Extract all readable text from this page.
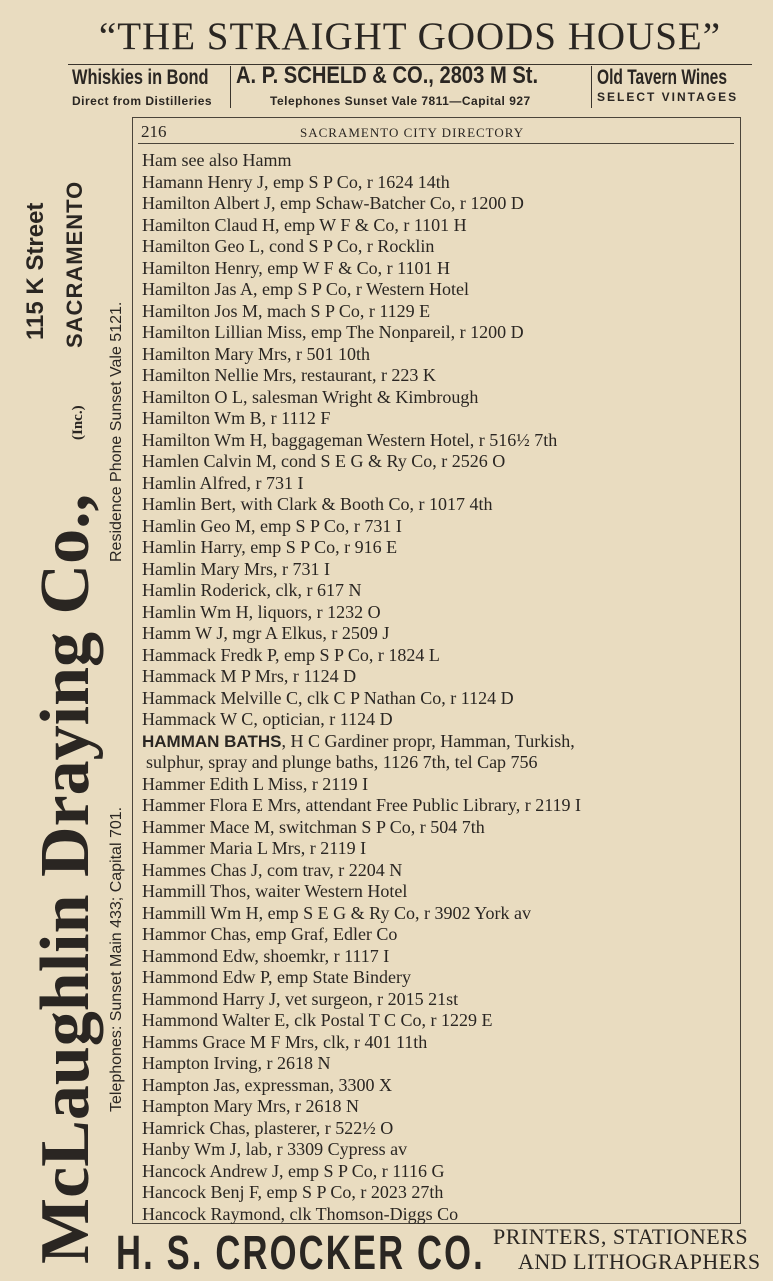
“THE STRAIGHT GOODS HOUSE”
Whiskies in Bond
Direct from Distilleries
A. P. SCHELD & CO., 2803 M St.
Telephones Sunset Vale 7811—Capital 927
Old Tavern Wines
SELECT VINTAGES
McLaughlin Draying Co.,
(Inc.)
115 K Street SACRAMENTO
Residence Phone Sunset Vale 5121.
Telephones: Sunset Main 433; Capital 701.
216	SACRAMENTO CITY DIRECTORY
Ham see also Hamm
Hamann Henry J, emp S P Co, r 1624 14th
Hamilton Albert J, emp Schaw-Batcher Co, r 1200 D
Hamilton Claud H, emp W F & Co, r 1101 H
Hamilton Geo L, cond S P Co, r Rocklin
Hamilton Henry, emp W F & Co, r 1101 H
Hamilton Jas A, emp S P Co, r Western Hotel
Hamilton Jos M, mach S P Co, r 1129 E
Hamilton Lillian Miss, emp The Nonpareil, r 1200 D
Hamilton Mary Mrs, r 501 10th
Hamilton Nellie Mrs, restaurant, r 223 K
Hamilton O L, salesman Wright & Kimbrough
Hamilton Wm B, r 1112 F
Hamilton Wm H, baggageman Western Hotel, r 516½ 7th
Hamlen Calvin M, cond S E G & Ry Co, r 2526 O
Hamlin Alfred, r 731 I
Hamlin Bert, with Clark & Booth Co, r 1017 4th
Hamlin Geo M, emp S P Co, r 731 I
Hamlin Harry, emp S P Co, r 916 E
Hamlin Mary Mrs, r 731 I
Hamlin Roderick, clk, r 617 N
Hamlin Wm H, liquors, r 1232 O
Hamm W J, mgr A Elkus, r 2509 J
Hammack Fredk P, emp S P Co, r 1824 L
Hammack M P Mrs, r 1124 D
Hammack Melville C, clk C P Nathan Co, r 1124 D
Hammack W C, optician, r 1124 D
HAMMAN BATHS, H C Gardiner propr, Hamman, Turkish,
sulphur, spray and plunge baths, 1126 7th, tel Cap 756
Hammer Edith L Miss, r 2119 I
Hammer Flora E Mrs, attendant Free Public Library, r 2119 I
Hammer Mace M, switchman S P Co, r 504 7th
Hammer Maria L Mrs, r 2119 I
Hammes Chas J, com trav, r 2204 N
Hammill Thos, waiter Western Hotel
Hammill Wm H, emp S E G & Ry Co, r 3902 York av
Hammor Chas, emp Graf, Edler Co
Hammond Edw, shoemkr, r 1117 I
Hammond Edw P, emp State Bindery
Hammond Harry J, vet surgeon, r 2015 21st
Hammond Walter E, clk Postal T C Co, r 1229 E
Hamms Grace M F Mrs, clk, r 401 11th
Hampton Irving, r 2618 N
Hampton Jas, expressman, 3300 X
Hampton Mary Mrs, r 2618 N
Hamrick Chas, plasterer, r 522½ O
Hanby Wm J, lab, r 3309 Cypress av
Hancock Andrew J, emp S P Co, r 1116 G
Hancock Benj F, emp S P Co, r 2023 27th
Hancock Raymond, clk Thomson-Diggs Co
H. S. CROCKER CO. PRINTERS, STATIONERS
AND LITHOGRAPHERS
